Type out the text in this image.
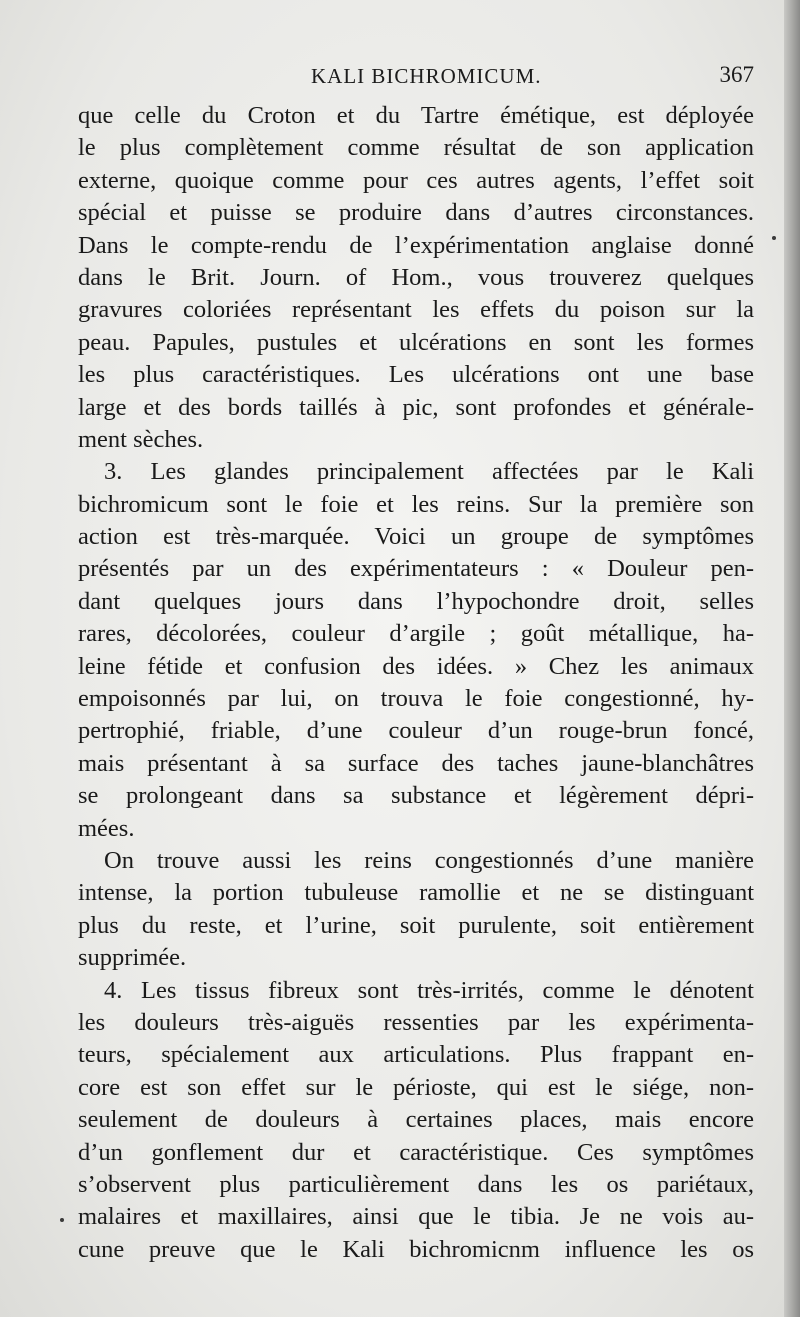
KALI BICHROMICUM.	367
que celle du Croton et du Tartre émétique, est déployée
le plus complètement comme résultat de son application
externe, quoique comme pour ces autres agents, l’effet soit
spécial et puisse se produire dans d’autres circonstances.
Dans le compte-rendu de l’expérimentation anglaise donné
dans le Brit. Journ. of Hom., vous trouverez quelques
gravures coloriées représentant les effets du poison sur la
peau. Papules, pustules et ulcérations en sont les formes
les plus caractéristiques. Les ulcérations ont une base
large et des bords taillés à pic, sont profondes et générale-
ment sèches.
3. Les glandes principalement affectées par le Kali
bichromicum sont le foie et les reins. Sur la première son
action est très-marquée. Voici un groupe de symptômes
présentés par un des expérimentateurs : « Douleur pen-
dant quelques jours dans l’hypochondre droit, selles
rares, décolorées, couleur d’argile ; goût métallique, ha-
leine fétide et confusion des idées. » Chez les animaux
empoisonnés par lui, on trouva le foie congestionné, hy-
pertrophié, friable, d’une couleur d’un rouge-brun foncé,
mais présentant à sa surface des taches jaune-blanchâtres
se prolongeant dans sa substance et légèrement dépri-
mées.
On trouve aussi les reins congestionnés d’une manière
intense, la portion tubuleuse ramollie et ne se distinguant
plus du reste, et l’urine, soit purulente, soit entièrement
supprimée.
4. Les tissus fibreux sont très-irrités, comme le dénotent
les douleurs très-aiguës ressenties par les expérimenta-
teurs, spécialement aux articulations. Plus frappant en-
core est son effet sur le périoste, qui est le siége, non-
seulement de douleurs à certaines places, mais encore
d’un gonflement dur et caractéristique. Ces symptômes
s’observent plus particulièrement dans les os pariétaux,
malaires et maxillaires, ainsi que le tibia. Je ne vois au-
cune preuve que le Kali bichromicnm influence les os
